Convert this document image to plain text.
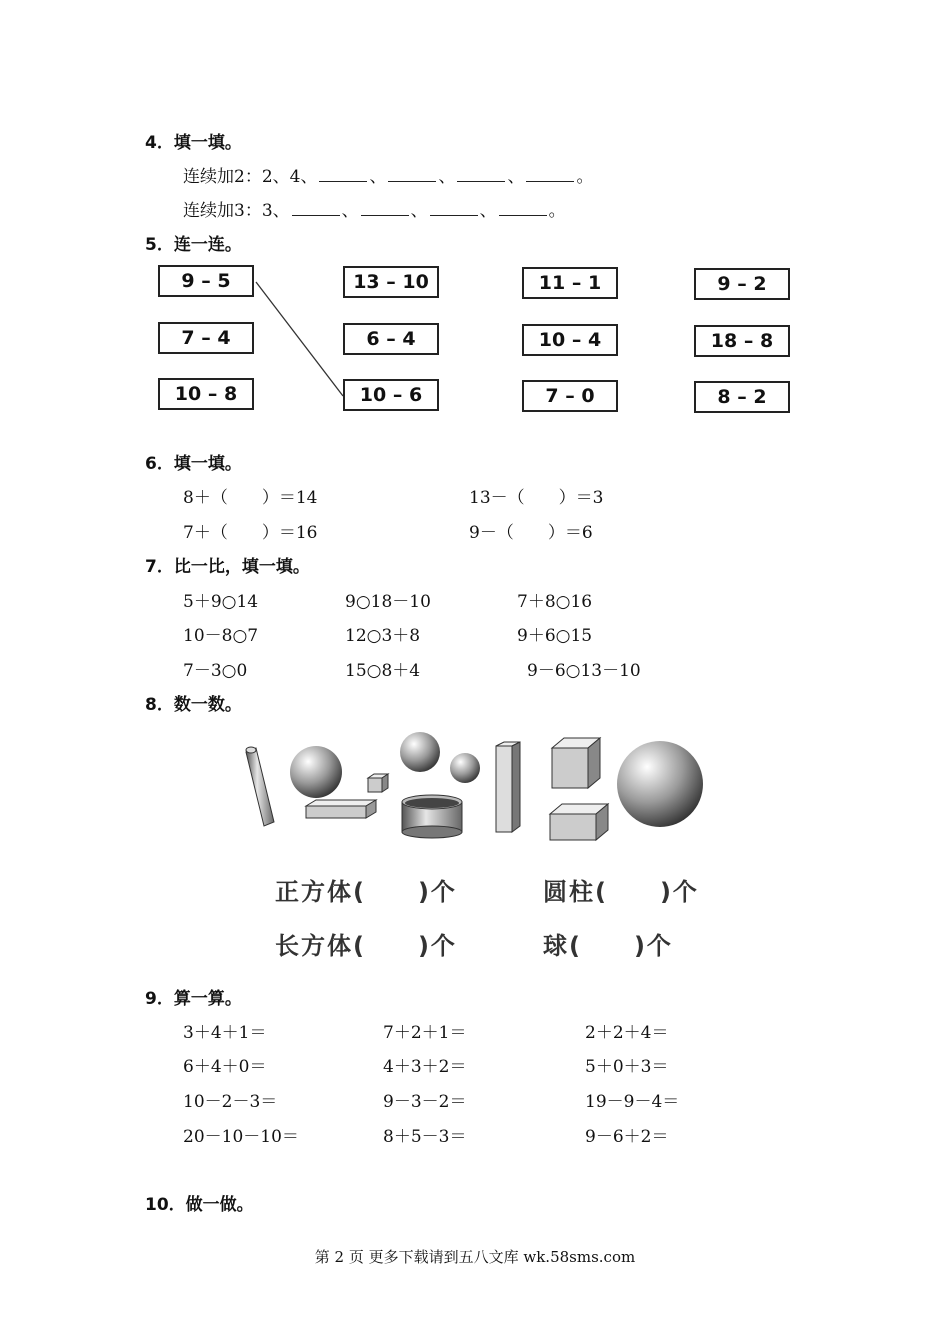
4．填一填。
连续加2：2、4、	、	、	、	。
连续加3：3、	、	、	、	。
5．连一连。
9 – 5	13 – 10	11 – 1	9 – 2
7 – 4	6 – 4	10 – 4	18 – 8
10 – 8	10 – 6	7 – 0	8 – 2
6．填一填。
8＋（　　）＝14	13－（　　）＝3
7＋（　　）＝16	9－（　　）＝6
7．比一比，填一填。
5＋9○14	9○18－10	7＋8○16
10－8○7	12○3＋8	9＋6○15
7－3○0	15○8＋4	9－6○13－10
8．数一数。
正方体(　　)个	圆柱(　　)个
长方体(　　)个	球(　　)个
9．算一算。
3＋4＋1＝	7＋2＋1＝	2＋2＋4＝
6＋4＋0＝	4＋3＋2＝	5＋0＋3＝
10－2－3＝	9－3－2＝	19－9－4＝
20－10－10＝	8＋5－3＝	9－6＋2＝
10．做一做。
第 2 页 更多下载请到五八文库 wk.58sms.com
